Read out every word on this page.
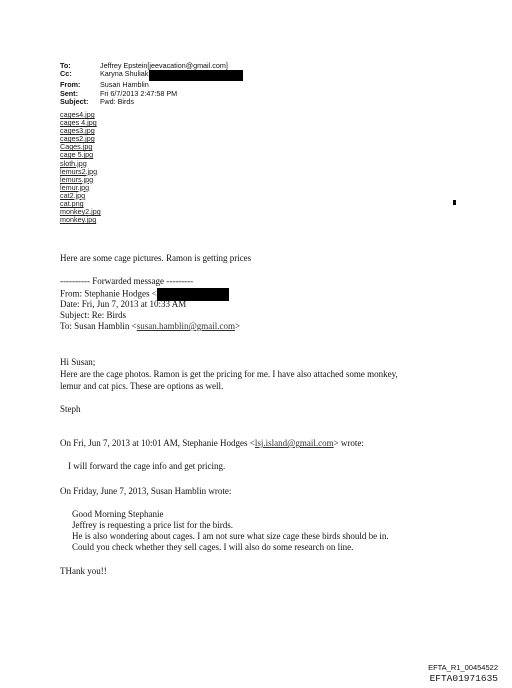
To:	Jeffrey Epstein[jeevacation@gmail.com]
Cc:	Karyna Shuliak
From:	Susan Hamblin
Sent:	Fri 6/7/2013 2:47:58 PM
Subject:	Fwd: Birds
cages4.jpg
cages 4.jpg
cages3.jpg
cages2.jpg
Cages.jpg
cage 5.jpg
sloth.jpg
lemurs2.jpg
lemurs.jpg
lemur.jpg
cat2.jpg
cat.png
monkey2.jpg
monkey.jpg
Here are some cage pictures. Ramon is getting prices
---------- Forwarded message ---------
From: Stephanie Hodges <
Date: Fri, Jun 7, 2013 at 10:33 AM
Subject: Re: Birds
To: Susan Hamblin <susan.hamblin@gmail.com>
Hi Susan;
Here are the cage photos. Ramon is get the pricing for me. I have also attached some monkey,
lemur and cat pics. These are options as well.
Steph
On Fri, Jun 7, 2013 at 10:01 AM, Stephanie Hodges <lsj.island@gmail.com> wrote:
I will forward the cage info and get pricing.
On Friday, June 7, 2013, Susan Hamblin wrote:
Good Morning Stephanie
Jeffrey is requesting a price list for the birds.
He is also wondering about cages. I am not sure what size cage these birds should be in.
Could you check whether they sell cages. I will also do some research on line.
THank you!!
EFTA_R1_00454522
EFTA01971635
